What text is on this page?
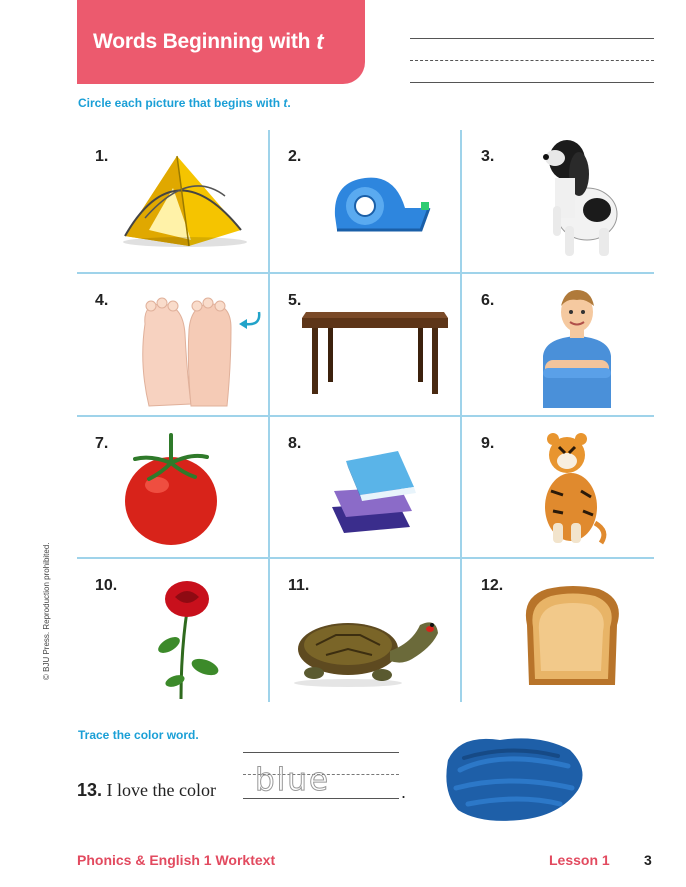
Words Beginning with t
Circle each picture that begins with t.
1.	2.	3.
4.	5.	6.
7.	8.	9.
10.	11.	12.
Trace the color word.
13. I love the color blue	.
© BJU Press. Reproduction prohibited.
Phonics & English 1 Worktext	Lesson 1 3
